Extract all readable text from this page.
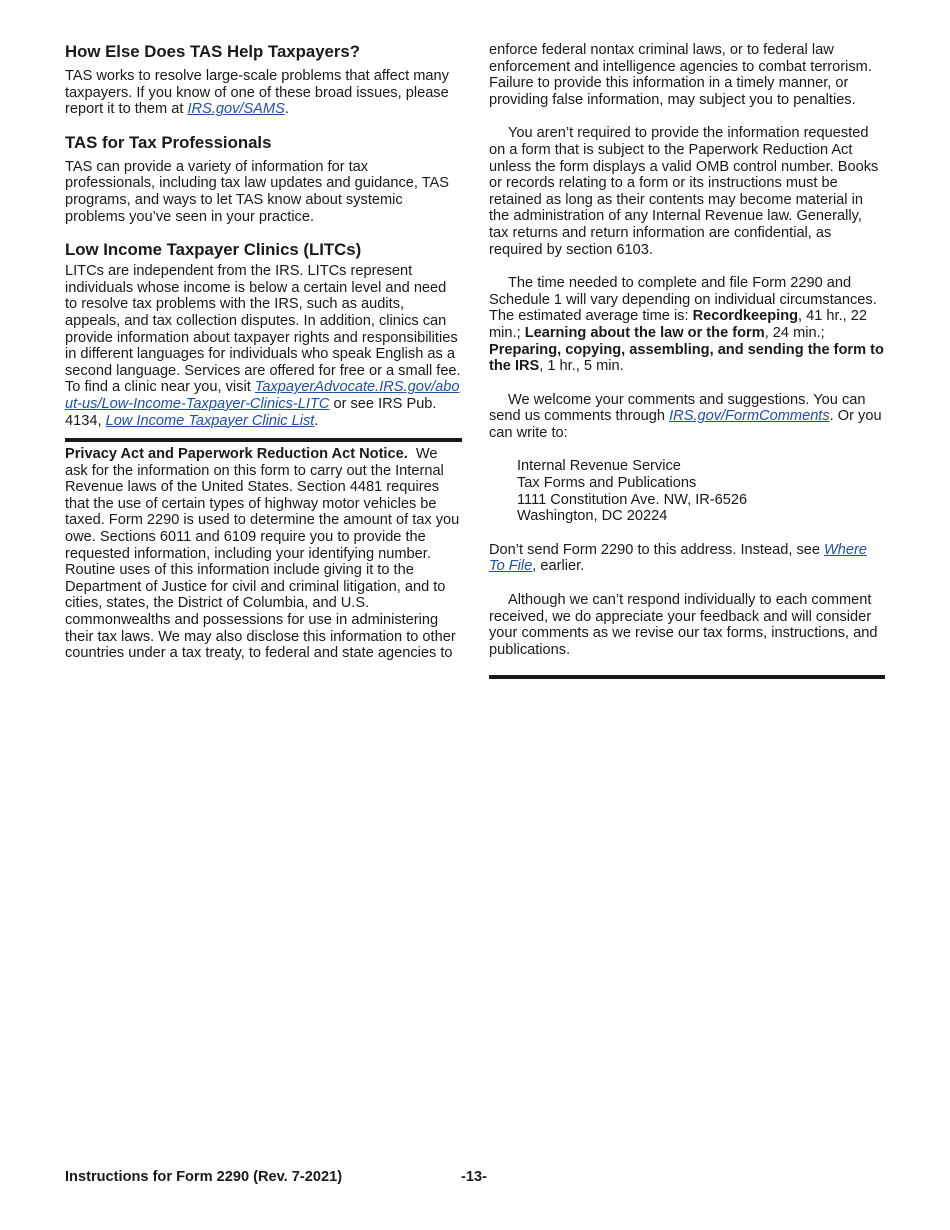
How Else Does TAS Help Taxpayers?

TAS works to resolve large-scale problems that affect many taxpayers. If you know of one of these broad issues, please report it to them at IRS.gov/SAMS.

TAS for Tax Professionals

TAS can provide a variety of information for tax professionals, including tax law updates and guidance, TAS programs, and ways to let TAS know about systemic problems you’ve seen in your practice.

Low Income Taxpayer Clinics (LITCs)

LITCs are independent from the IRS. LITCs represent individuals whose income is below a certain level and need to resolve tax problems with the IRS, such as audits, appeals, and tax collection disputes. In addition, clinics can provide information about taxpayer rights and responsibilities in different languages for individuals who speak English as a second language. Services are offered for free or a small fee. To find a clinic near you, visit TaxpayerAdvocate.IRS.gov/about-us/Low-Income-Taxpayer-Clinics-LITC or see IRS Pub. 4134, Low Income Taxpayer Clinic List.

Privacy Act and Paperwork Reduction Act Notice. We ask for the information on this form to carry out the Internal Revenue laws of the United States. Section 4481 requires that the use of certain types of highway motor vehicles be taxed. Form 2290 is used to determine the amount of tax you owe. Sections 6011 and 6109 require you to provide the requested information, including your identifying number. Routine uses of this information include giving it to the Department of Justice for civil and criminal litigation, and to cities, states, the District of Columbia, and U.S. commonwealths and possessions for use in administering their tax laws. We may also disclose this information to other countries under a tax treaty, to federal and state agencies to

enforce federal nontax criminal laws, or to federal law enforcement and intelligence agencies to combat terrorism. Failure to provide this information in a timely manner, or providing false information, may subject you to penalties.

You aren’t required to provide the information requested on a form that is subject to the Paperwork Reduction Act unless the form displays a valid OMB control number. Books or records relating to a form or its instructions must be retained as long as their contents may become material in the administration of any Internal Revenue law. Generally, tax returns and return information are confidential, as required by section 6103.

The time needed to complete and file Form 2290 and Schedule 1 will vary depending on individual circumstances. The estimated average time is: Recordkeeping, 41 hr., 22 min.; Learning about the law or the form, 24 min.; Preparing, copying, assembling, and sending the form to the IRS, 1 hr., 5 min.

We welcome your comments and suggestions. You can send us comments through IRS.gov/FormComments. Or you can write to:

Internal Revenue Service
Tax Forms and Publications
1111 Constitution Ave. NW, IR-6526
Washington, DC 20224

Don’t send Form 2290 to this address. Instead, see Where To File, earlier.

Although we can’t respond individually to each comment received, we do appreciate your feedback and will consider your comments as we revise our tax forms, instructions, and publications.

Instructions for Form 2290 (Rev. 7-2021)	-13-
